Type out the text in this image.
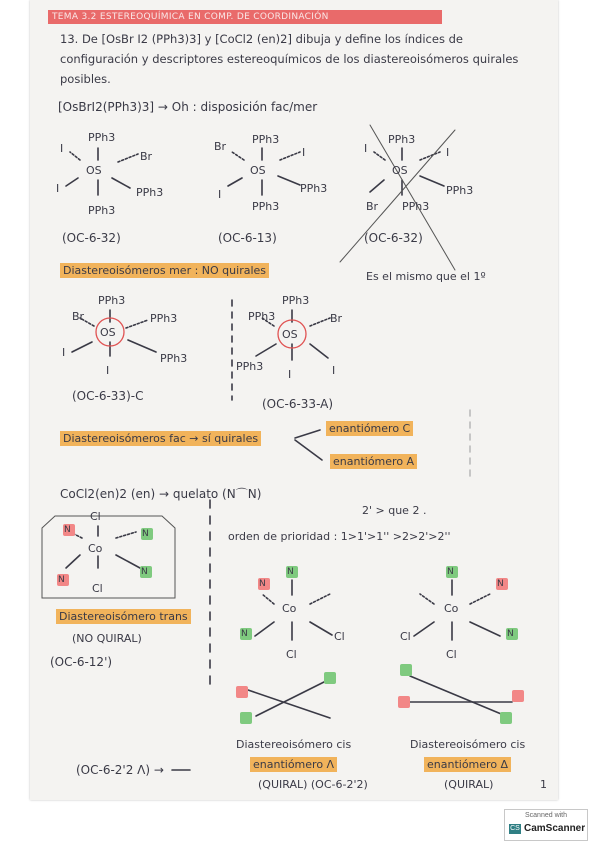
TEMA 3.2 ESTEREOQUÍMICA EN COMP. DE COORDINACIÓN
13. De [OsBr I2 (PPh3)3] y [CoCl2 (en)2] dibuja y define los índices de
configuración y descriptores estereoquímicos de los diastereoisómeros quirales
posibles.
[OsBrI2(PPh3)3] → Oh : disposición fac/mer
PPh3
OS
I
Br
I	PPh3
PPh3
PPh3
OS
Br	I
I	PPh3
PPh3
PPh3
OS
I	I
Br
PPh3
PPh3
(OC-6-32)	(OC-6-13)	(OC-6-32)
Es el mismo que el 1º
Diastereoisómeros mer : NO quirales
PPh3
OS
Br	PPh3
I
I
PPh3
PPh3
OS
PPh3	Br
PPh3
I	I
(OC-6-33)-C
(OC-6-33-A)
Diastereoisómeros fac → sí quirales
enantiómero C
enantiómero A
CoCl2(en)2 (en) → quelato (N⌒N)
2' > que 2 .
orden de prioridad : 1>1'>1'' >2>2'>2''
Cl
N	N
Co
N
N
Cl
Diastereoisómero trans
(NO QUIRAL)
(OC-6-12')
N
N
Co
N	Cl
Cl
N
N
Co
Cl	N
Cl
Diastereoisómero cis	Diastereoisómero cis
enantiómero Λ	enantiómero Δ
(QUIRAL) (OC-6-2'2)	(QUIRAL)
(OC-6-2'2 Λ) →
1
Scanned with
CS CamScanner
